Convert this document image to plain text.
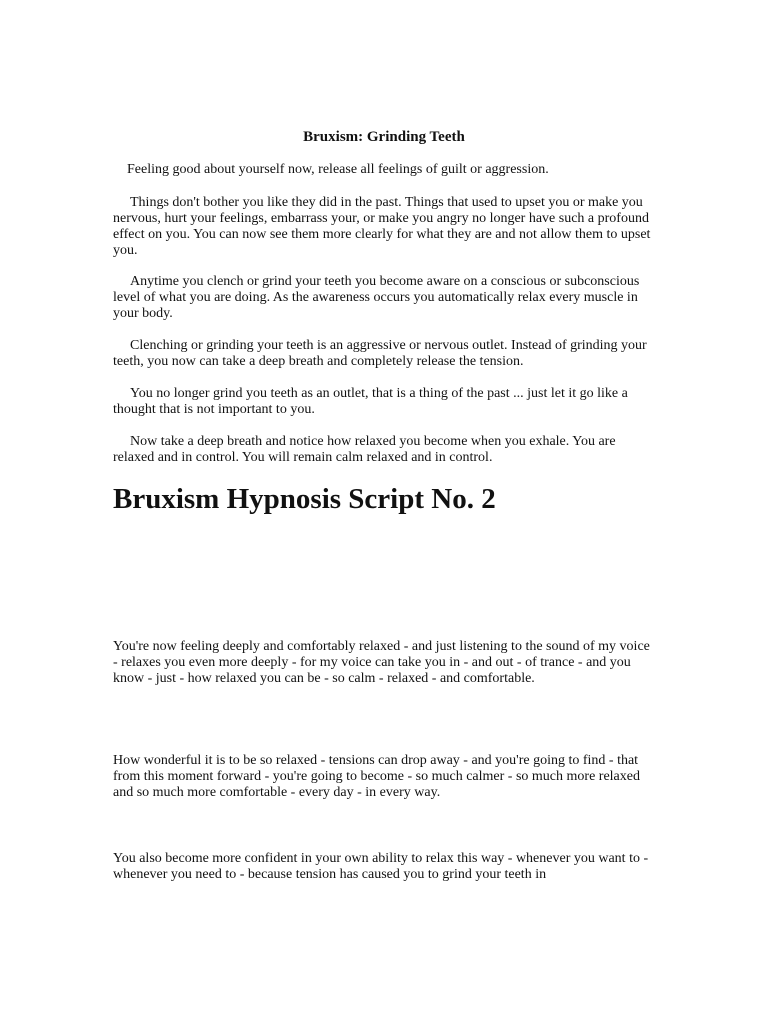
Bruxism: Grinding Teeth

Feeling good about yourself now, release all feelings of guilt or aggression.

Things don't bother you like they did in the past. Things that used to upset you or make you nervous, hurt your feelings, embarrass your, or make you angry no longer have such a profound effect on you. You can now see them more clearly for what they are and not allow them to upset you.

Anytime you clench or grind your teeth you become aware on a conscious or subconscious level of what you are doing. As the awareness occurs you automatically relax every muscle in your body.

Clenching or grinding your teeth is an aggressive or nervous outlet. Instead of grinding your teeth, you now can take a deep breath and completely release the tension.

You no longer grind you teeth as an outlet, that is a thing of the past ... just let it go like a thought that is not important to you.

Now take a deep breath and notice how relaxed you become when you exhale. You are relaxed and in control. You will remain calm relaxed and in control.

Bruxism Hypnosis Script No. 2

You're now feeling deeply and comfortably relaxed - and just listening to the sound of my voice - relaxes you even more deeply - for my voice can take you in - and out - of trance - and you know - just - how relaxed you can be - so calm - relaxed - and comfortable.

How wonderful it is to be so relaxed - tensions can drop away - and you're going to find - that from this moment forward - you're going to become - so much calmer - so much more relaxed and so much more comfortable - every day - in every way.

You also become more confident in your own ability to relax this way - whenever you want to - whenever you need to - because tension has caused you to grind your teeth in
